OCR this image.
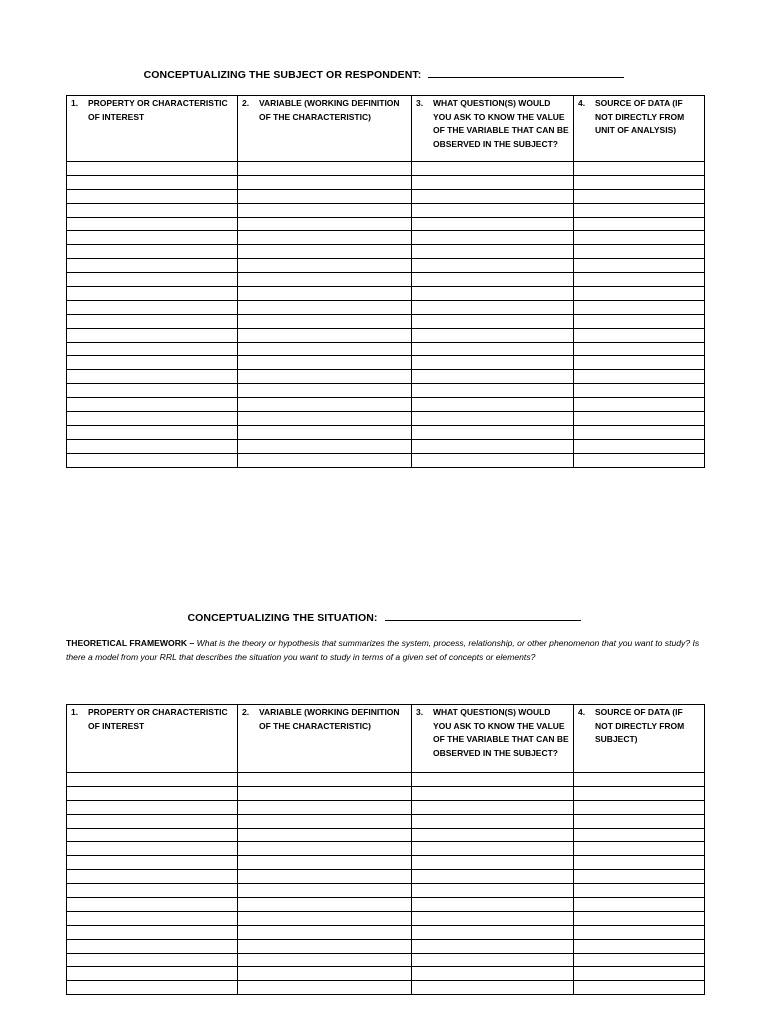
CONCEPTUALIZING THE SUBJECT OR RESPONDENT:
1. PROPERTY OR CHARACTERISTIC OF INTEREST	2. VARIABLE (WORKING DEFINITION OF THE CHARACTERISTIC)	3. WHAT QUESTION(S) WOULD YOU ASK TO KNOW THE VALUE OF THE VARIABLE THAT CAN BE OBSERVED IN THE SUBJECT?	4. SOURCE OF DATA (IF NOT DIRECTLY FROM UNIT OF ANALYSIS)

CONCEPTUALIZING THE SITUATION:
THEORETICAL FRAMEWORK – What is the theory or hypothesis that summarizes the system, process, relationship, or other phenomenon that you want to study? Is there a model from your RRL that describes the situation you want to study in terms of a given set of concepts or elements?
1. PROPERTY OR CHARACTERISTIC OF INTEREST	2. VARIABLE (WORKING DEFINITION OF THE CHARACTERISTIC)	3. WHAT QUESTION(S) WOULD YOU ASK TO KNOW THE VALUE OF THE VARIABLE THAT CAN BE OBSERVED IN THE SUBJECT?	4. SOURCE OF DATA (IF NOT DIRECTLY FROM SUBJECT)
